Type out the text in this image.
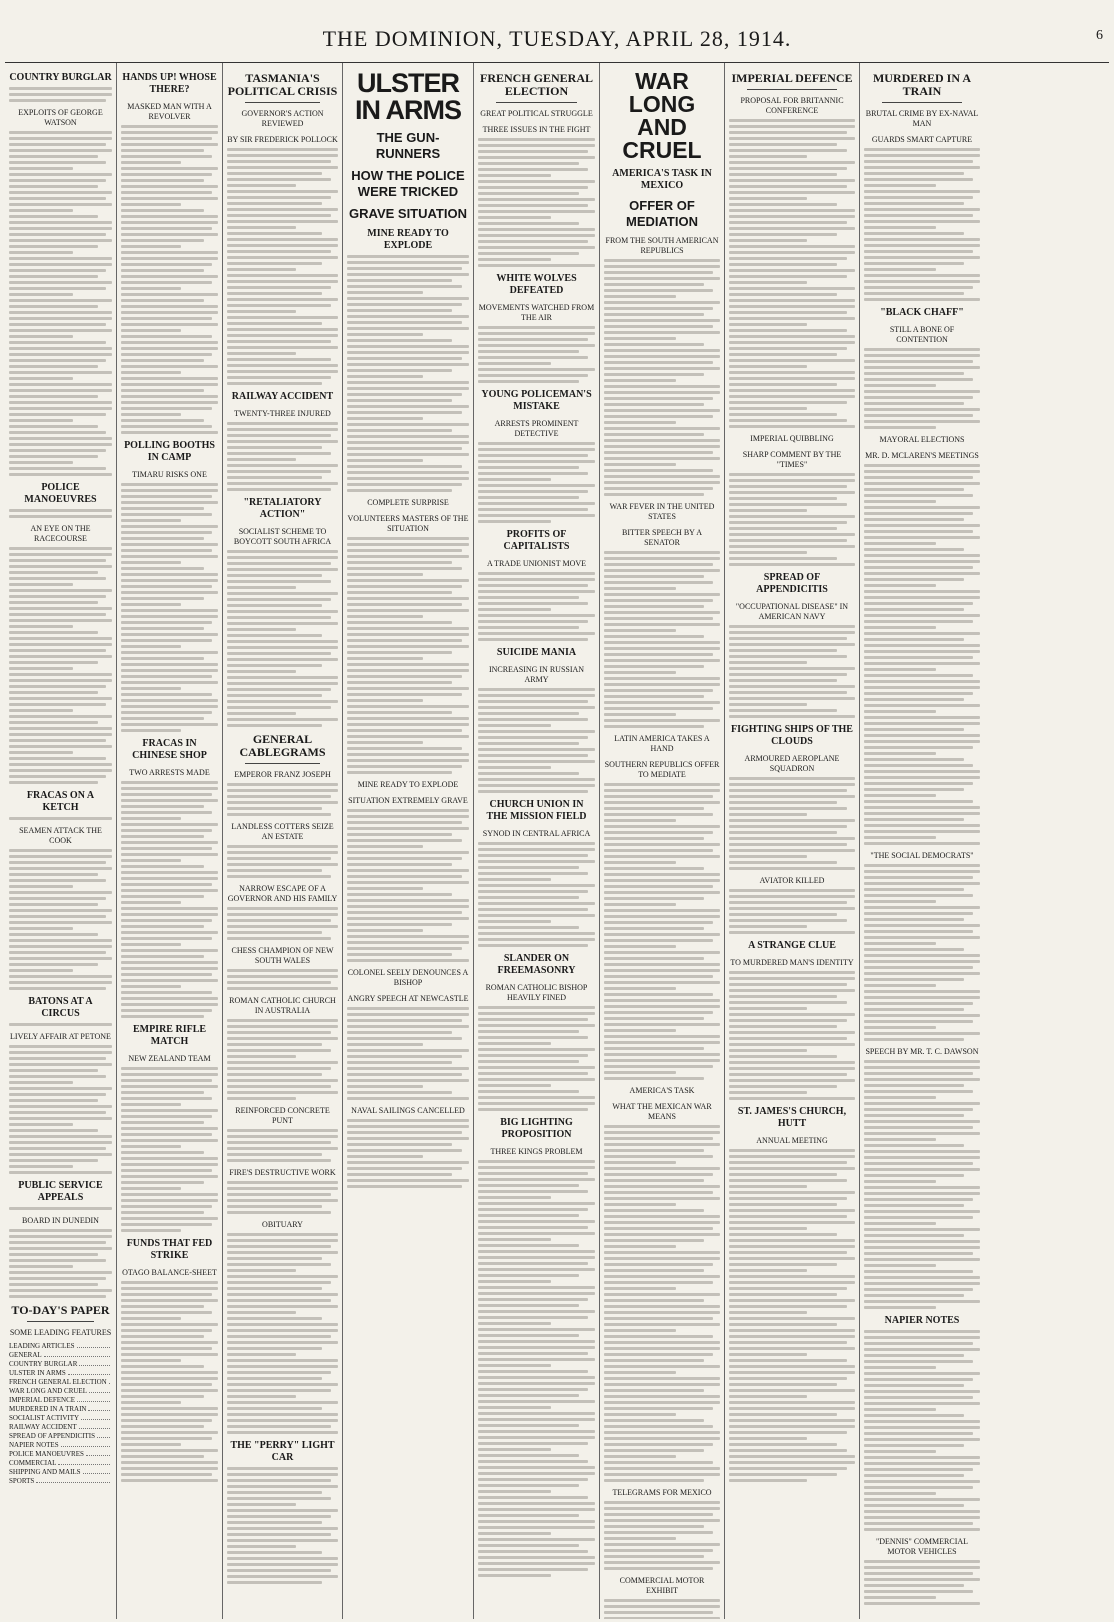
THE DOMINION, TUESDAY, APRIL 28, 1914.	6
COUNTRY BURGLAR
EXPLOITS OF GEORGE WATSON
POLICE MANOEUVRES
AN EYE ON THE RACECOURSE
FRACAS ON A KETCH
SEAMEN ATTACK THE COOK
BATONS AT A CIRCUS
LIVELY AFFAIR AT PETONE
PUBLIC SERVICE APPEALS
BOARD IN DUNEDIN
TO-DAY'S PAPER
SOME LEADING FEATURES
LEADING ARTICLES
GENERAL
COUNTRY BURGLAR
ULSTER IN ARMS
FRENCH GENERAL ELECTION
WAR LONG AND CRUEL
IMPERIAL DEFENCE
MURDERED IN A TRAIN
SOCIALIST ACTIVITY
RAILWAY ACCIDENT
SPREAD OF APPENDICITIS
NAPIER NOTES
POLICE MANOEUVRES
COMMERCIAL
SHIPPING AND MAILS
SPORTS
HANDS UP! WHOSE THERE?
MASKED MAN WITH A REVOLVER
POLLING BOOTHS IN CAMP
TIMARU RISKS ONE
FRACAS IN CHINESE SHOP
TWO ARRESTS MADE
EMPIRE RIFLE MATCH
NEW ZEALAND TEAM
FUNDS THAT FED STRIKE
OTAGO BALANCE-SHEET
TASMANIA'S POLITICAL CRISIS
GOVERNOR'S ACTION REVIEWED
BY SIR FREDERICK POLLOCK
RAILWAY ACCIDENT
TWENTY-THREE INJURED
"RETALIATORY ACTION"
SOCIALIST SCHEME TO BOYCOTT SOUTH AFRICA
GENERAL CABLEGRAMS
EMPEROR FRANZ JOSEPH
LANDLESS COTTERS SEIZE AN ESTATE
NARROW ESCAPE OF A GOVERNOR AND HIS FAMILY
CHESS CHAMPION OF NEW SOUTH WALES
ROMAN CATHOLIC CHURCH IN AUSTRALIA
REINFORCED CONCRETE PUNT
FIRE'S DESTRUCTIVE WORK
OBITUARY
THE "PERRY" LIGHT CAR
ULSTER IN ARMS
THE GUN-RUNNERS
HOW THE POLICE WERE TRICKED
GRAVE SITUATION
MINE READY TO EXPLODE
COMPLETE SURPRISE
VOLUNTEERS MASTERS OF THE SITUATION
MINE READY TO EXPLODE
SITUATION EXTREMELY GRAVE
COLONEL SEELY DENOUNCES A BISHOP
ANGRY SPEECH AT NEWCASTLE
NAVAL SAILINGS CANCELLED
FRENCH GENERAL ELECTION
GREAT POLITICAL STRUGGLE
THREE ISSUES IN THE FIGHT
WHITE WOLVES DEFEATED
MOVEMENTS WATCHED FROM THE AIR
YOUNG POLICEMAN'S MISTAKE
ARRESTS PROMINENT DETECTIVE
PROFITS OF CAPITALISTS
A TRADE UNIONIST MOVE
SUICIDE MANIA
INCREASING IN RUSSIAN ARMY
CHURCH UNION IN THE MISSION FIELD
SYNOD IN CENTRAL AFRICA
SLANDER ON FREEMASONRY
ROMAN CATHOLIC BISHOP HEAVILY FINED
BIG LIGHTING PROPOSITION
THREE KINGS PROBLEM
WAR LONG AND CRUEL
AMERICA'S TASK IN MEXICO
OFFER OF MEDIATION
FROM THE SOUTH AMERICAN REPUBLICS
WAR FEVER IN THE UNITED STATES
BITTER SPEECH BY A SENATOR
LATIN AMERICA TAKES A HAND
SOUTHERN REPUBLICS OFFER TO MEDIATE
AMERICA'S TASK
WHAT THE MEXICAN WAR MEANS
TELEGRAMS FOR MEXICO
COMMERCIAL MOTOR EXHIBIT
IMPERIAL DEFENCE
PROPOSAL FOR BRITANNIC CONFERENCE
IMPERIAL QUIBBLING
SHARP COMMENT BY THE "TIMES"
SPREAD OF APPENDICITIS
"OCCUPATIONAL DISEASE" IN AMERICAN NAVY
FIGHTING SHIPS OF THE CLOUDS
ARMOURED AEROPLANE SQUADRON
AVIATOR KILLED
A STRANGE CLUE
TO MURDERED MAN'S IDENTITY
ST. JAMES'S CHURCH, HUTT
ANNUAL MEETING
MURDERED IN A TRAIN
BRUTAL CRIME BY EX-NAVAL MAN
GUARDS SMART CAPTURE
"BLACK CHAFF"
STILL A BONE OF CONTENTION
MAYORAL ELECTIONS
MR. D. MCLAREN'S MEETINGS
"THE SOCIAL DEMOCRATS"
SPEECH BY MR. T. C. DAWSON
NAPIER NOTES
"DENNIS" COMMERCIAL MOTOR VEHICLES
